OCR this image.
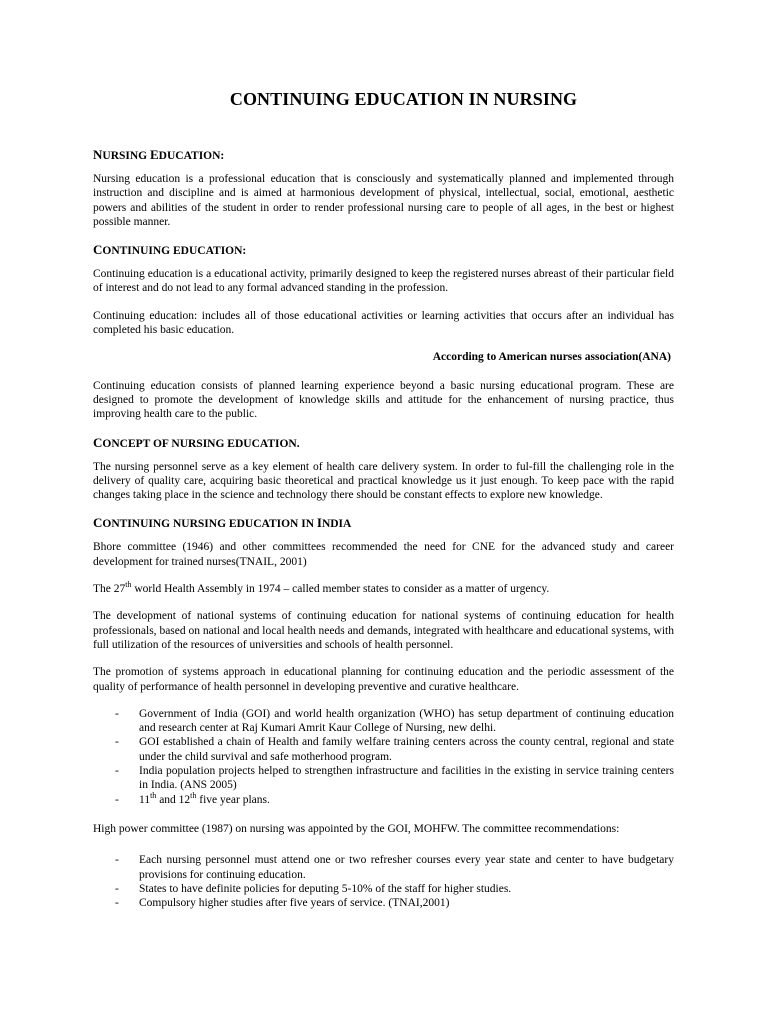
CONTINUING EDUCATION IN NURSING
NURSING EDUCATION:

Nursing education is a professional education that is consciously and systematically planned and implemented through instruction and discipline and is aimed at harmonious development of physical, intellectual, social, emotional, aesthetic powers and abilities of the student in order to render professional nursing care to people of all ages, in the best or highest possible manner.

CONTINUING EDUCATION:

Continuing education is a educational activity, primarily designed to keep the registered nurses abreast of their particular field of interest and do not lead to any formal advanced standing in the profession.

Continuing education: includes all of those educational activities or learning activities that occurs after an individual has completed his basic education.

According to American nurses association(ANA)

Continuing education consists of planned learning experience beyond a basic nursing educational program. These are designed to promote the development of knowledge skills and attitude for the enhancement of nursing practice, thus improving health care to the public.

CONCEPT OF NURSING EDUCATION.

The nursing personnel serve as a key element of health care delivery system. In order to ful-fill the challenging role in the delivery of quality care, acquiring basic theoretical and practical knowledge us it just enough. To keep pace with the rapid changes taking place in the science and technology there should be constant effects to explore new knowledge.

CONTINUING NURSING EDUCATION IN INDIA

Bhore committee (1946) and other committees recommended the need for CNE for the advanced study and career development for trained nurses(TNAIL, 2001)

The 27th world Health Assembly in 1974 – called member states to consider as a matter of urgency.

The development of national systems of continuing education for national systems of continuing education for health professionals, based on national and local health needs and demands, integrated with healthcare and educational systems, with full utilization of the resources of universities and schools of health personnel.

The promotion of systems approach in educational planning for continuing education and the periodic assessment of the quality of performance of health personnel in developing preventive and curative healthcare.

- Government of India (GOI) and world health organization (WHO) has setup department of continuing education and research center at Raj Kumari Amrit Kaur College of Nursing, new delhi.
- GOI established a chain of Health and family welfare training centers across the county central, regional and state under the child survival and safe motherhood program.
- India population projects helped to strengthen infrastructure and facilities in the existing in service training centers in India. (ANS 2005)
- 11th and 12th five year plans.

High power committee (1987) on nursing was appointed by the GOI, MOHFW. The committee recommendations:

- Each nursing personnel must attend one or two refresher courses every year state and center to have budgetary provisions for continuing education.
- States to have definite policies for deputing 5-10% of the staff for higher studies.
- Compulsory higher studies after five years of service. (TNAI,2001)
